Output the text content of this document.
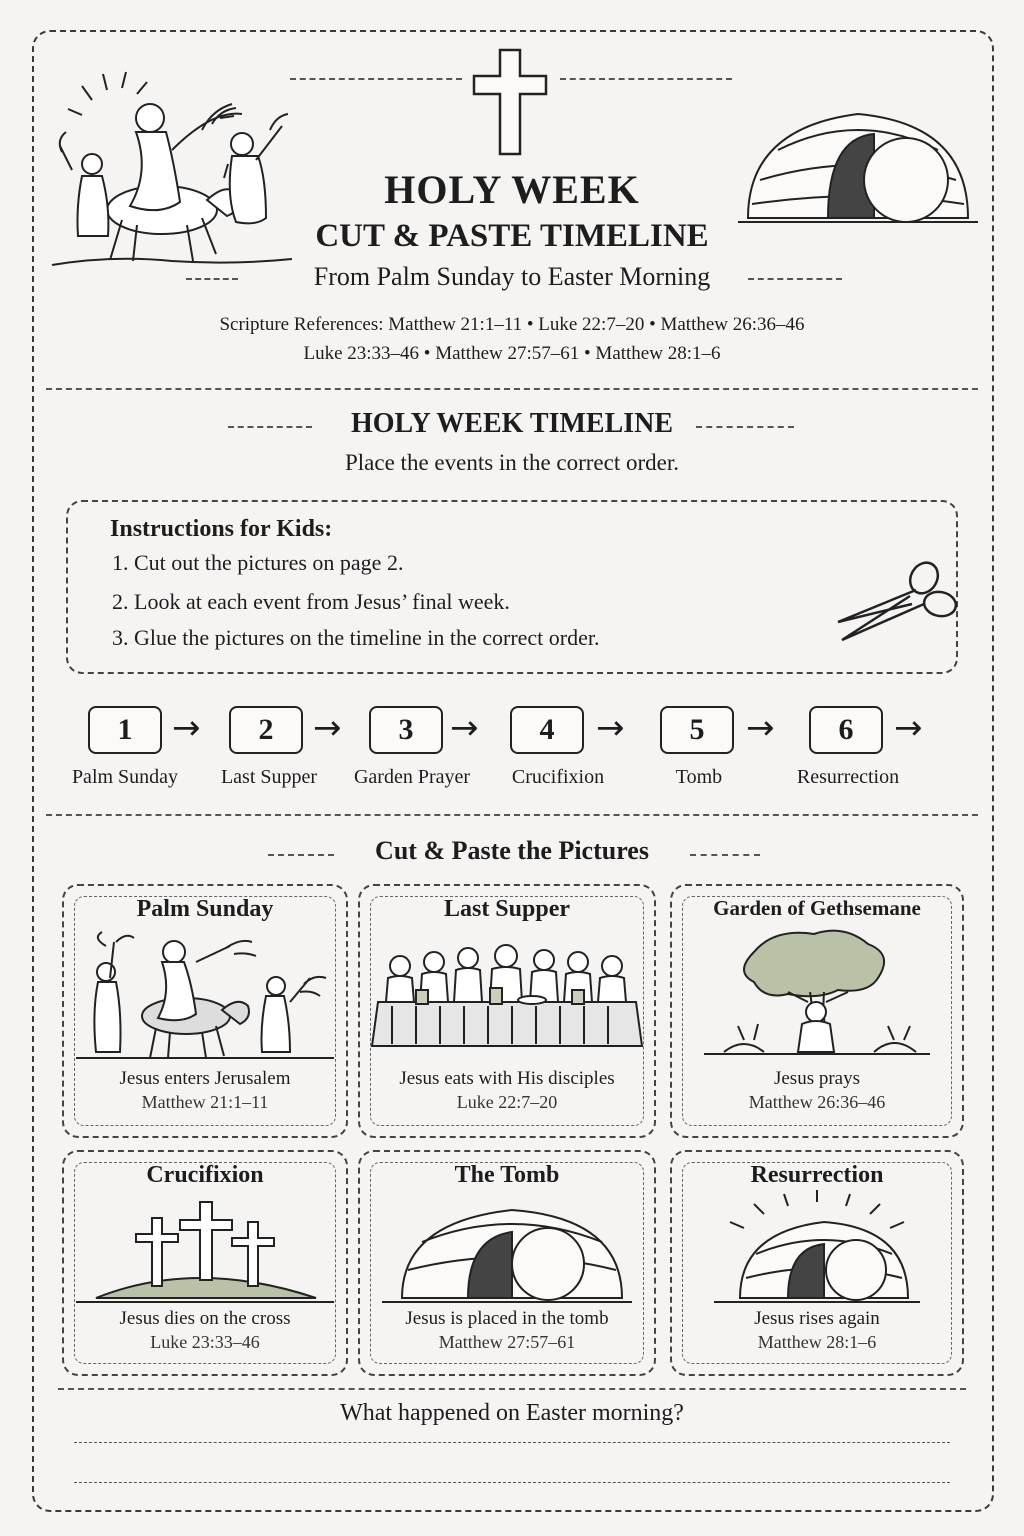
HOLY WEEK
CUT & PASTE TIMELINE
From Palm Sunday to Easter Morning
Scripture References: Matthew 21:1–11 • Luke 22:7–20 • Matthew 26:36–46
Luke 23:33–46 • Matthew 27:57–61 • Matthew 28:1–6
HOLY WEEK TIMELINE
Place the events in the correct order.
Instructions for Kids:
1. Cut out the pictures on page 2.
2. Look at each event from Jesus’ final week.
3. Glue the pictures on the timeline in the correct order.
1	→	2	→	3	→	4	→	5	→	6	→
Palm Sunday	Last Supper	Garden Prayer	Crucifixion	Tomb	Resurrection
Cut & Paste the Pictures
Palm Sunday
Jesus enters Jerusalem
Matthew 21:1–11
Last Supper
Jesus eats with His disciples
Luke 22:7–20
Garden of Gethsemane
Jesus prays
Matthew 26:36–46
Crucifixion
Jesus dies on the cross
Luke 23:33–46
The Tomb
Jesus is placed in the tomb
Matthew 27:57–61
Resurrection
Jesus rises again
Matthew 28:1–6
What happened on Easter morning?
